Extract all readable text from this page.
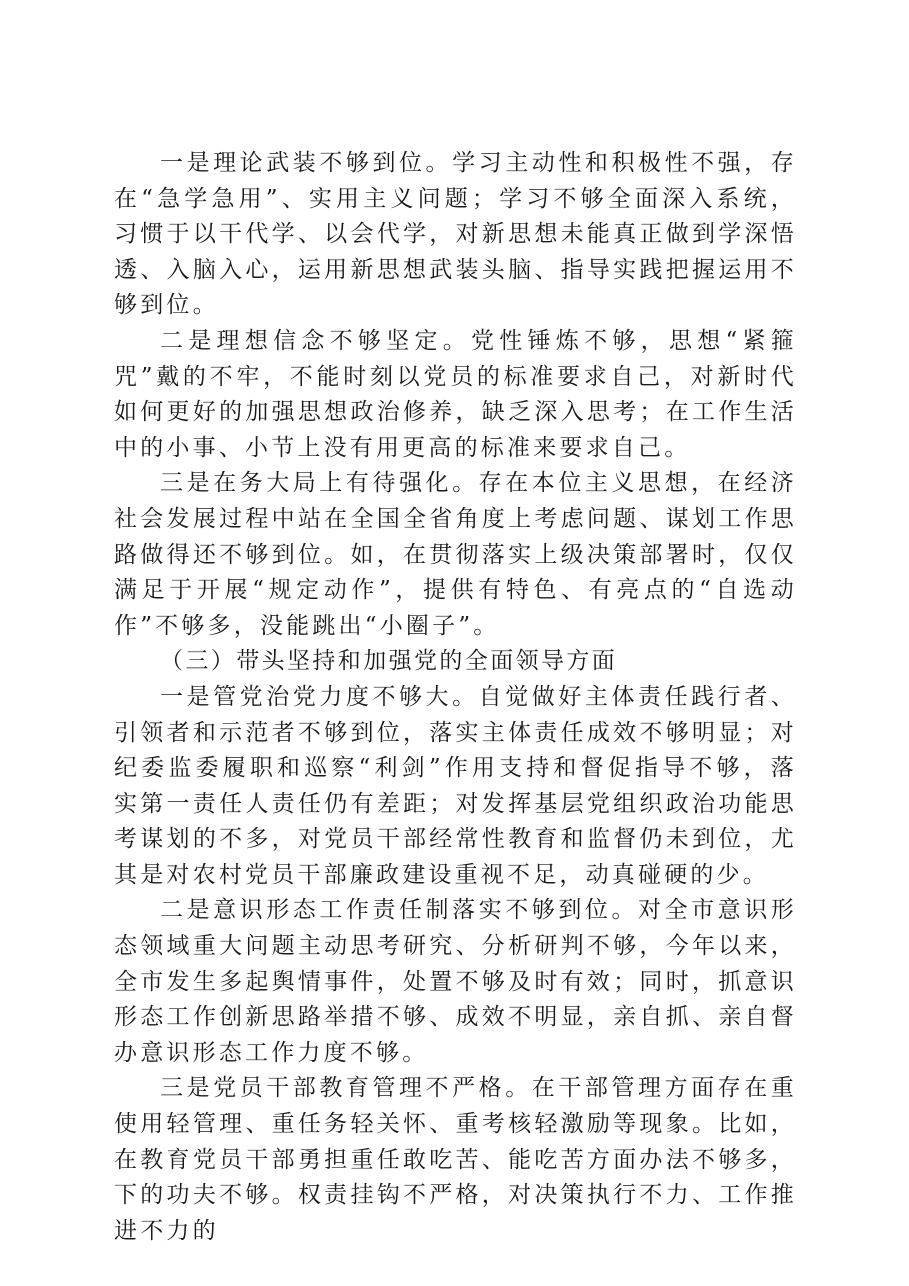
一是理论武装不够到位。学习主动性和积极性不强，存在“急学急用”、实用主义问题；学习不够全面深入系统，习惯于以干代学、以会代学，对新思想未能真正做到学深悟透、入脑入心，运用新思想武装头脑、指导实践把握运用不够到位。

二是理想信念不够坚定。党性锤炼不够，思想“紧箍咒”戴的不牢，不能时刻以党员的标准要求自己，对新时代如何更好的加强思想政治修养，缺乏深入思考；在工作生活中的小事、小节上没有用更高的标准来要求自己。

三是在务大局上有待强化。存在本位主义思想，在经济社会发展过程中站在全国全省角度上考虑问题、谋划工作思路做得还不够到位。如，在贯彻落实上级决策部署时，仅仅满足于开展“规定动作”，提供有特色、有亮点的“自选动作”不够多，没能跳出“小圈子”。

（三）带头坚持和加强党的全面领导方面

一是管党治党力度不够大。自觉做好主体责任践行者、引领者和示范者不够到位，落实主体责任成效不够明显；对纪委监委履职和巡察“利剑”作用支持和督促指导不够，落实第一责任人责任仍有差距；对发挥基层党组织政治功能思考谋划的不多，对党员干部经常性教育和监督仍未到位，尤其是对农村党员干部廉政建设重视不足，动真碰硬的少。

二是意识形态工作责任制落实不够到位。对全市意识形态领域重大问题主动思考研究、分析研判不够，今年以来，全市发生多起舆情事件，处置不够及时有效；同时，抓意识形态工作创新思路举措不够、成效不明显，亲自抓、亲自督办意识形态工作力度不够。

三是党员干部教育管理不严格。在干部管理方面存在重使用轻管理、重任务轻关怀、重考核轻激励等现象。比如，在教育党员干部勇担重任敢吃苦、能吃苦方面办法不够多，下的功夫不够。权责挂钩不严格，对决策执行不力、工作推进不力的
